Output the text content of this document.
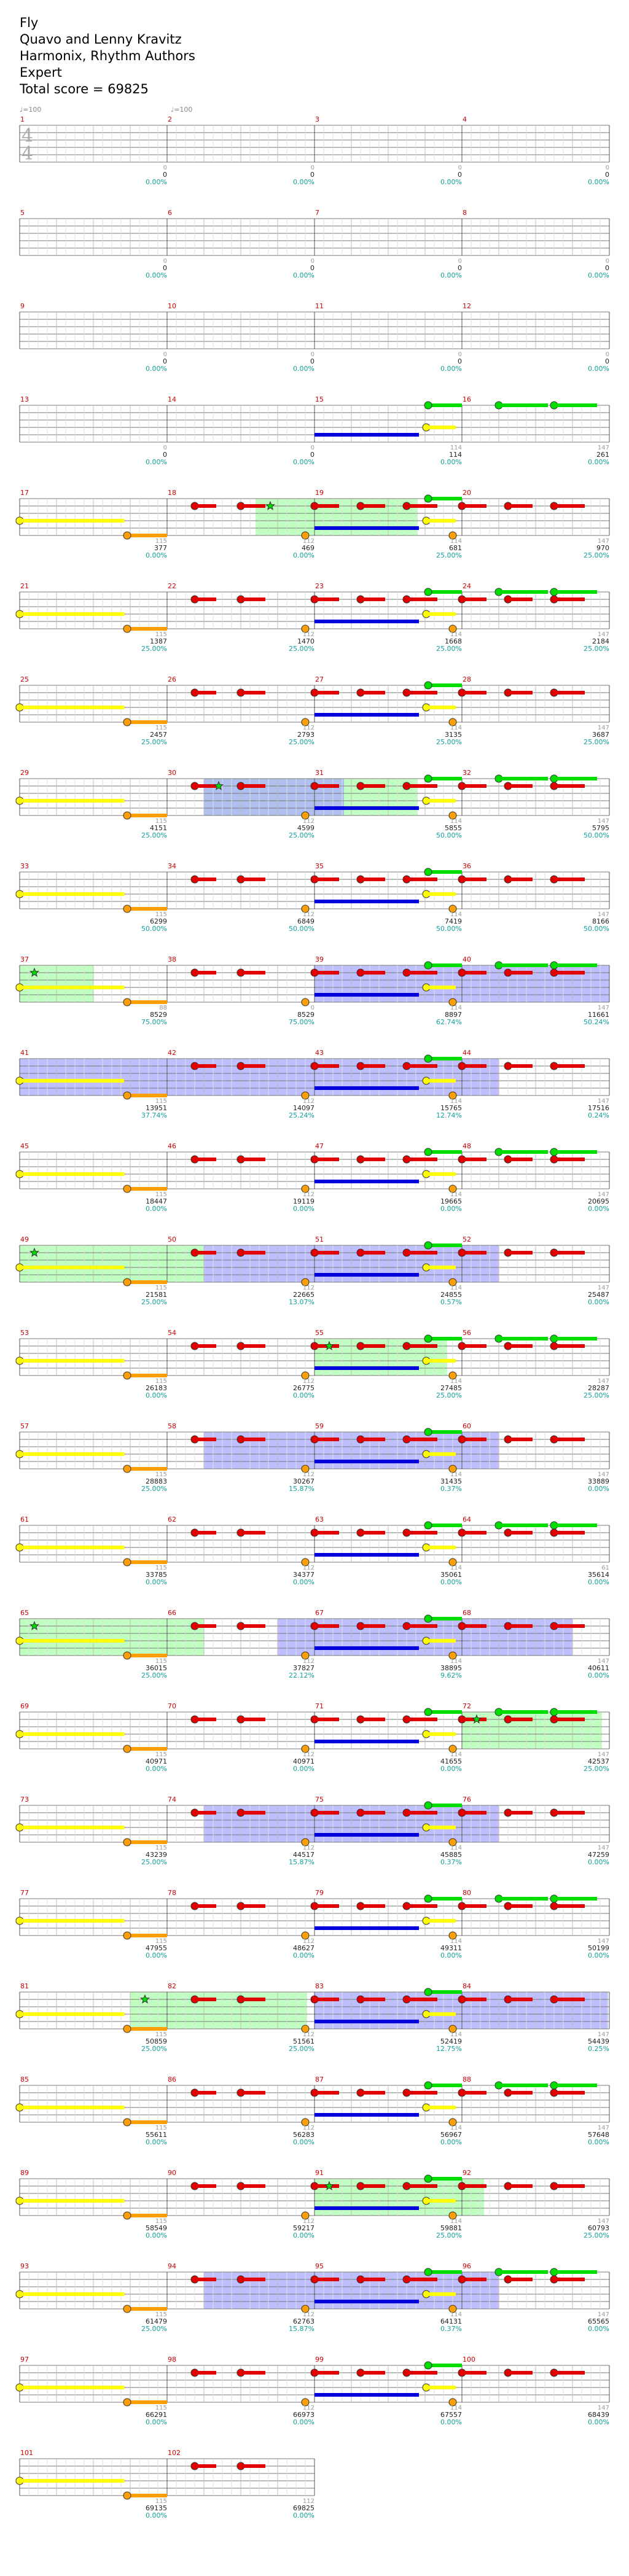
Fly
Quavo and Lenny Kravitz
Harmonix, Rhythm Authors
Expert
Total score = 69825
♩=100	♩=100
4
4
1
0
0
0.00%
2
0
0
0.00%
3
0
0
0.00%
4
0
0
0.00%
5
0
0
0.00%
6
0
0
0.00%
7
0
0
0.00%
8
0
0
0.00%
9
0
0
0.00%
10
0
0
0.00%
11
0
0
0.00%
12
0
0
0.00%
13
0
0
0.00%
14
0
0
0.00%
15
114
114
0.00%
16
147
261
0.00%
17
115
377
0.00%
18
112
469
0.00%
19
114
681
25.00%
20
147
970
25.00%
21
115
1387
25.00%
22
112
1470
25.00%
23
114
1668
25.00%
24
147
2184
25.00%
25
115
2457
25.00%
26
112
2793
25.00%
27
114
3135
25.00%
28
147
3687
25.00%
29
115
4151
25.00%
30
112
4599
25.00%
31
114
5855
50.00%
32
147
5795
50.00%
33
115
6299
50.00%
34
112
6849
50.00%
35
114
7419
50.00%
36
147
8166
50.00%
37
88
8529
75.00%
38
0
8529
75.00%
39
114
8897
62.74%
40
147
11661
50.24%
41
115
13951
37.74%
42
112
14097
25.24%
43
114
15765
12.74%
44
147
17516
0.24%
45
115
18447
0.00%
46
112
19119
0.00%
47
114
19665
0.00%
48
147
20695
0.00%
49
115
21581
25.00%
50
112
22665
13.07%
51
114
24855
0.57%
52
147
25487
0.00%
53
115
26183
0.00%
54
112
26775
0.00%
55
114
27485
25.00%
56
147
28287
25.00%
57
115
28883
25.00%
58
112
30267
15.87%
59
114
31435
0.37%
60
147
33889
0.00%
61
115
33785
0.00%
62
112
34377
0.00%
63
114
35061
0.00%
64
61
35614
0.00%
65
115
36015
25.00%
66
112
37827
22.12%
67
114
38895
9.62%
68
147
40611
0.00%
69
115
40971
0.00%
70
112
40971
0.00%
71
114
41655
0.00%
72
147
42537
25.00%
73
115
43239
25.00%
74
112
44517
15.87%
75
114
45885
0.37%
76
147
47259
0.00%
77
115
47955
0.00%
78
112
48627
0.00%
79
114
49311
0.00%
80
147
50199
0.00%
81
115
50859
25.00%
82
112
51561
25.00%
83
114
52419
12.75%
84
147
54439
0.25%
85
115
55611
0.00%
86
112
56283
0.00%
87
114
56967
0.00%
88
147
57648
0.00%
89
115
58549
0.00%
90
112
59217
0.00%
91
114
59881
25.00%
92
147
60793
25.00%
93
115
61479
25.00%
94
112
62763
15.87%
95
114
64131
0.37%
96
147
65565
0.00%
97
115
66291
0.00%
98
112
66973
0.00%
99
114
67557
0.00%
100
147
68439
0.00%
101
115
69135
0.00%
102
112
69825
0.00%
